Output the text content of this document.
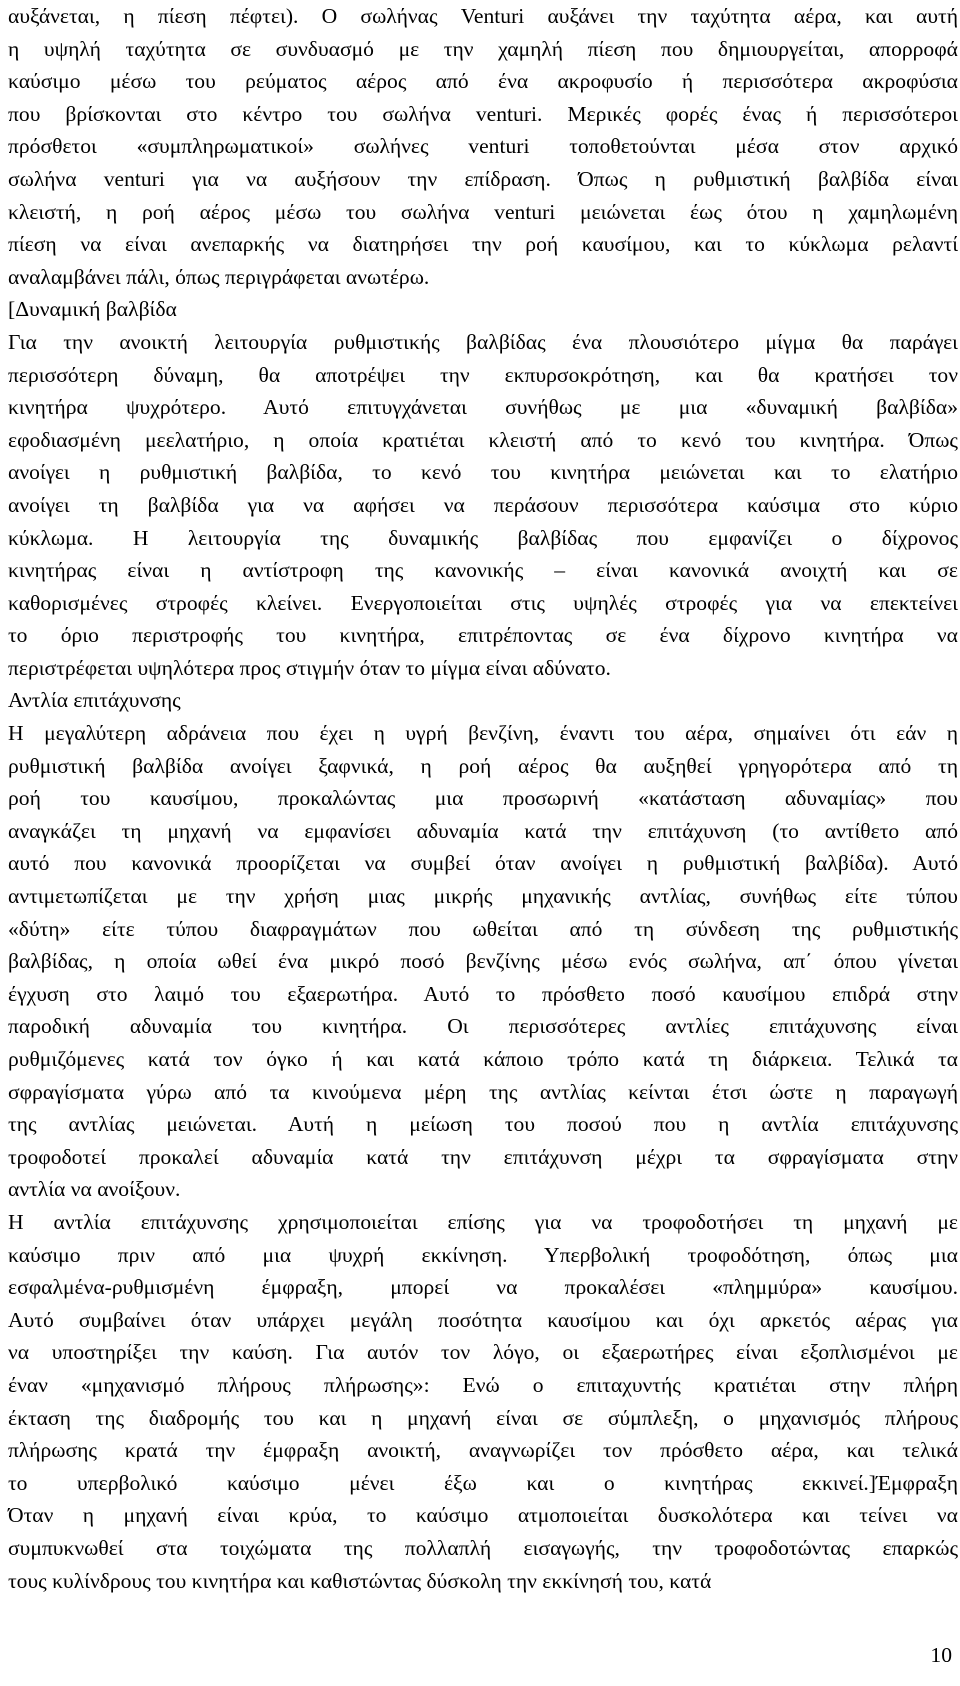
αυξάνεται, η πίεση πέφτει). Ο σωλήνας Venturi αυξάνει την ταχύτητα αέρα, και αυτή
η υψηλή ταχύτητα σε συνδυασμό με την χαμηλή πίεση που δημιουργείται, απορροφά
καύσιμο μέσω του ρεύματος αέρος από ένα ακροφυσίο ή περισσότερα ακροφύσια
που βρίσκονται στο κέντρο του σωλήνα venturi. Μερικές φορές ένας ή περισσότεροι
πρόσθετοι «συμπληρωματικοί» σωλήνες venturi τοποθετούνται μέσα στον αρχικό
σωλήνα venturi για να αυξήσουν την επίδραση. Όπως η ρυθμιστική βαλβίδα είναι
κλειστή, η ροή αέρος μέσω του σωλήνα venturi μειώνεται έως ότου η χαμηλωμένη
πίεση να είναι ανεπαρκής να διατηρήσει την ροή καυσίμου, και το κύκλωμα ρελαντί
αναλαμβάνει πάλι, όπως περιγράφεται ανωτέρω.
[Δυναμική βαλβίδα
Για την ανοικτή λειτουργία ρυθμιστικής βαλβίδας ένα πλουσιότερο μίγμα θα παράγει
περισσότερη δύναμη, θα αποτρέψει την εκπυρσοκρότηση, και θα κρατήσει τον
κινητήρα ψυχρότερο. Αυτό επιτυγχάνεται συνήθως με μια «δυναμική βαλβίδα»
εφοδιασμένη μεελατήριο, η οποία κρατιέται κλειστή από το κενό του κινητήρα. Όπως
ανοίγει η ρυθμιστική βαλβίδα, το κενό του κινητήρα μειώνεται και το ελατήριο
ανοίγει τη βαλβίδα για να αφήσει να περάσουν περισσότερα καύσιμα στο κύριο
κύκλωμα. Η λειτουργία της δυναμικής βαλβίδας που εμφανίζει ο δίχρονος
κινητήρας είναι η αντίστροφη της κανονικής – είναι κανονικά ανοιχτή και σε
καθορισμένες στροφές κλείνει. Ενεργοποιείται στις υψηλές στροφές για να επεκτείνει
το όριο περιστροφής του κινητήρα, επιτρέποντας σε ένα δίχρονο κινητήρα να
περιστρέφεται υψηλότερα προς στιγμήν όταν το μίγμα είναι αδύνατο.
Αντλία επιτάχυνσης
Η μεγαλύτερη αδράνεια που έχει η υγρή βενζίνη, έναντι του αέρα, σημαίνει ότι εάν η
ρυθμιστική βαλβίδα ανοίγει ξαφνικά, η ροή αέρος θα αυξηθεί γρηγορότερα από τη
ροή του καυσίμου, προκαλώντας μια προσωρινή «κατάσταση αδυναμίας» που
αναγκάζει τη μηχανή να εμφανίσει αδυναμία κατά την επιτάχυνση (το αντίθετο από
αυτό που κανονικά προορίζεται να συμβεί όταν ανοίγει η ρυθμιστική βαλβίδα). Αυτό
αντιμετωπίζεται με την χρήση μιας μικρής μηχανικής αντλίας, συνήθως είτε τύπου
«δύτη» είτε τύπου διαφραγμάτων που ωθείται από τη σύνδεση της ρυθμιστικής
βαλβίδας, η οποία ωθεί ένα μικρό ποσό βενζίνης μέσω ενός σωλήνα, απ΄ όπου γίνεται
έγχυση στο λαιμό του εξαερωτήρα. Αυτό το πρόσθετο ποσό καυσίμου επιδρά στην
παροδική αδυναμία του κινητήρα. Οι περισσότερες αντλίες επιτάχυνσης είναι
ρυθμιζόμενες κατά τον όγκο ή και κατά κάποιο τρόπο κατά τη διάρκεια. Τελικά τα
σφραγίσματα γύρω από τα κινούμενα μέρη της αντλίας κείνται έτσι ώστε η παραγωγή
της αντλίας μειώνεται. Αυτή η μείωση του ποσού που η αντλία επιτάχυνσης
τροφοδοτεί προκαλεί αδυναμία κατά την επιτάχυνση μέχρι τα σφραγίσματα στην
αντλία να ανοίξουν.
Η αντλία επιτάχυνσης χρησιμοποιείται επίσης για να τροφοδοτήσει τη μηχανή με
καύσιμο πριν από μια ψυχρή εκκίνηση. Υπερβολική τροφοδότηση, όπως μια
εσφαλμένα-ρυθμισμένη έμφραξη, μπορεί να προκαλέσει «πλημμύρα» καυσίμου.
Αυτό συμβαίνει όταν υπάρχει μεγάλη ποσότητα καυσίμου και όχι αρκετός αέρας για
να υποστηρίξει την καύση. Για αυτόν τον λόγο, οι εξαερωτήρες είναι εξοπλισμένοι με
έναν «μηχανισμό πλήρους πλήρωσης»: Ενώ ο επιταχυντής κρατιέται στην πλήρη
έκταση της διαδρομής του και η μηχανή είναι σε σύμπλεξη, ο μηχανισμός πλήρους
πλήρωσης κρατά την έμφραξη ανοικτή, αναγνωρίζει τον πρόσθετο αέρα, και τελικά
το υπερβολικό καύσιμο μένει έξω και ο κινητήρας εκκινεί.]Έμφραξη
Όταν η μηχανή είναι κρύα, το καύσιμο ατμοποιείται δυσκολότερα και τείνει να
συμπυκνωθεί στα τοιχώματα της πολλαπλή εισαγωγής, την τροφοδοτώντας επαρκώς
τους κυλίνδρους του κινητήρα και καθιστώντας δύσκολη την εκκίνησή του, κατά
10
